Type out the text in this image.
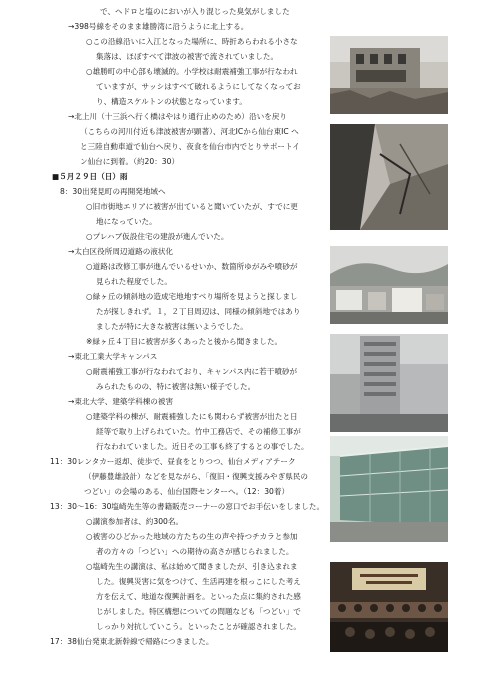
で、ヘドロと塩のにおいが入り混じった臭気がしました
→398号線をそのまま雄勝湾に沿うように北上する。
○この沿線沿いに入江となった場所に、時折あらわれる小さな
集落は、ほぼすべて津波の被害で流されていました。
○雄勝町の中心部も壊滅的。小学校は耐震補強工事が行なわれ
ていますが、サッシはすべて破れるようにしてなくなってお
り、構造スケルトンの状態となっています。
→北上川（十三浜へ行く橋はやはり通行止めのため）沿いを戻り
（こちらの河川付近も津波被害が顕著）、河北ICから仙台東IC へ
と三陸自動車道で仙台へ戻り、夜食を仙台市内でとりサポートイ
ン仙台に到着。（約20：30）
■５月２９日（日）雨
8：30出発見町の再開発地域へ
○旧市街地エリアに被害が出ていると聞いていたが、すでに更
地になっていた。
○プレハブ仮設住宅の建設が進んでいた。
→太白区役所周辺道路の液状化
○道路は改修工事が進んでいるせいか、数箇所ゆがみや噴砂が
見られた程度でした。
○緑ヶ丘の傾斜地の造成宅地地すべり場所を見ようと探しまし
たが探しきれず。１，２丁目周辺は、同様の傾斜地ではあり
ましたが特に大きな被害は無いようでした。
※緑ヶ丘４丁目に被害が多くあったと後から聞きました。
→東北工業大学キャンパス
○耐震補強工事が行なわれており、キャンパス内に若干噴砂が
みられたものの、特に被害は無い様子でした。
→東北大学、建築学科棟の被害
○建築学科の棟が、耐震補強したにも関わらず被害が出たと日
経等で取り上げられていた。竹中工務店で、その補修工事が
行なわれていました。近日その工事も終了するとの事でした。
11：30レンタカー返却、徒歩で、昼食をとりつつ、仙台メディアテーク
（伊藤豊雄設計）などを見ながら、「復旧・復興支援みやぎ県民の
つどい」の会場のある、仙台国際センターへ。（12：30着）
13：30〜16：30塩崎先生等の書籍販売コーナーの窓口でお手伝いをしました。
○講演参加者は、約300名。
○被害のひどかった地域の方たちの生の声や持つチカラと参加
者の方々の「つどい」への期待の高さが感じられました。
○塩崎先生の講演は、私は始めて聞きましたが、引き込まれま
した。復興災害に気をつけて、生活再建を根っこにした考え
方を伝えて、地道な復興計画を。といった点に集約された感
じがしました。特区構想についての問題なども「つどい」で
しっかり対抗していこう。といったことが確認されました。
17：38仙台発東北新幹線で帰路につきました。
